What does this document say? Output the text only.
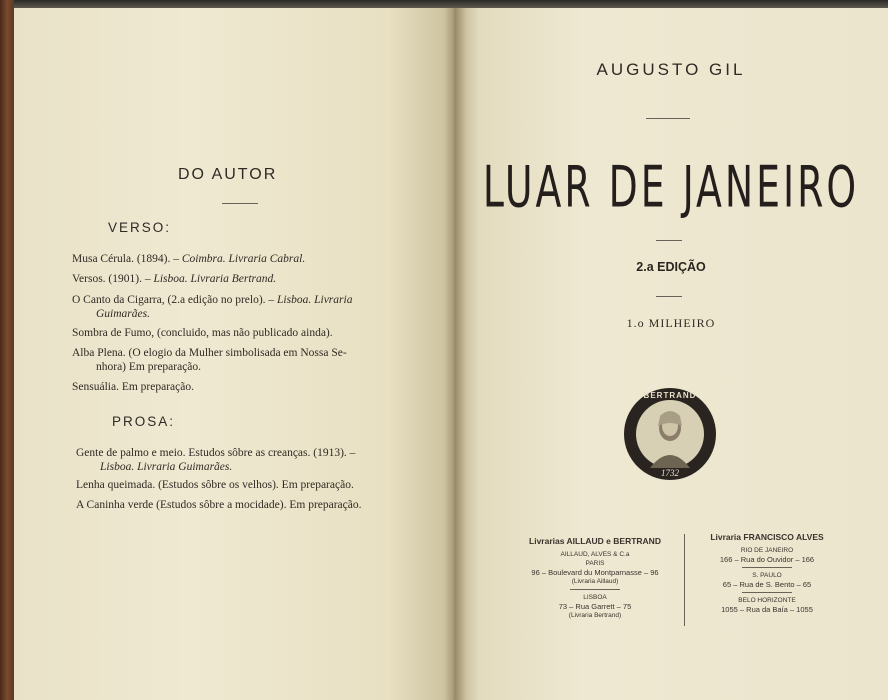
DO AUTOR
VERSO:
Musa Cérula. (1894). – Coimbra. Livraria Cabral.
Versos. (1901). – Lisboa. Livraria Bertrand.
O Canto da Cigarra, (2.a edição no prelo). – Lisboa. Livraria
Guimarães.
Sombra de Fumo, (concluido, mas não publicado ainda).
Alba Plena. (O elogio da Mulher simbolisada em Nossa Se-
nhora) Em preparação.
Sensuália. Em preparação.
PROSA:
Gente de palmo e meio. Estudos sôbre as creanças. (1913). –
Lisboa. Livraria Guimarães.
Lenha queimada. (Estudos sôbre os velhos). Em preparação.
A Caninha verde (Estudos sôbre a mocidade). Em preparação.
AUGUSTO GIL
LUAR DE JANEIRO
2.a EDIÇÃO
1.o MILHEIRO
BERTRAND
1732
Livrarias AILLAUD e BERTRAND
AILLAUD, ALVES & C.a
PARIS
96 – Boulevard du Montparnasse – 96
(Livraria Aillaud)
LISBOA
73 – Rua Garrett – 75
(Livraria Bertrand)
Livraria FRANCISCO ALVES
RIO DE JANEIRO
166 – Rua do Ouvidor – 166
S. PAULO
65 – Rua de S. Bento – 65
BELO HORIZONTE
1055 – Rua da Baía – 1055
